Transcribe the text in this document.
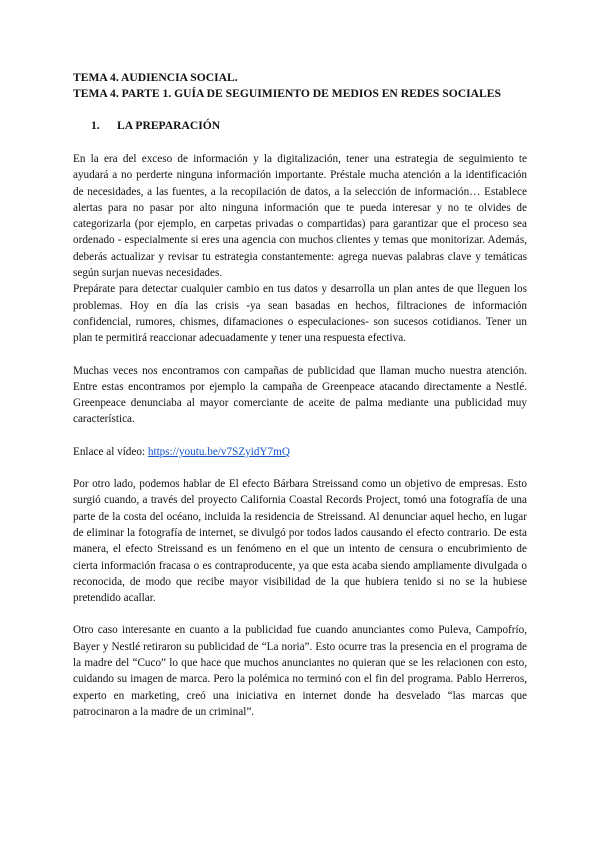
TEMA 4. AUDIENCIA SOCIAL.
TEMA 4. PARTE 1. GUÍA DE SEGUIMIENTO DE MEDIOS EN REDES SOCIALES
1.	LA PREPARACIÓN

En la era del exceso de información y la digitalización, tener una estrategia de seguimiento te ayudará a no perderte ninguna información importante. Préstale mucha atención a la identificación de necesidades, a las fuentes, a la recopilación de datos, a la selección de información… Establece alertas para no pasar por alto ninguna información que te pueda interesar y no te olvides de categorizarla (por ejemplo, en carpetas privadas o compartidas) para garantizar que el proceso sea ordenado - especialmente si eres una agencia con muchos clientes y temas que monitorizar. Además, deberás actualizar y revisar tu estrategia constantemente: agrega nuevas palabras clave y temáticas según surjan nuevas necesidades.

Prepárate para detectar cualquier cambio en tus datos y desarrolla un plan antes de que lleguen los problemas. Hoy en día las crisis -ya sean basadas en hechos, filtraciones de información confidencial, rumores, chismes, difamaciones o especulaciones- son sucesos cotidianos. Tener un plan te permitirá reaccionar adecuadamente y tener una respuesta efectiva.

Muchas veces nos encontramos con campañas de publicidad que llaman mucho nuestra atención. Entre estas encontramos por ejemplo la campaña de Greenpeace atacando directamente a Nestlé. Greenpeace denunciaba al mayor comerciante de aceite de palma mediante una publicidad muy característica.

Enlace al vídeo: https://youtu.be/v7SZyidY7mQ

Por otro lado, podemos hablar de El efecto Bárbara Streissand como un objetivo de empresas. Esto surgió cuando, a través del proyecto California Coastal Records Project, tomó una fotografía de una parte de la costa del océano, incluida la residencia de Streissand. Al denunciar aquel hecho, en lugar de eliminar la fotografía de internet, se divulgó por todos lados causando el efecto contrario. De esta manera, el efecto Streissand es un fenómeno en el que un intento de censura o encubrimiento de cierta información fracasa o es contraproducente, ya que esta acaba siendo ampliamente divulgada o reconocida, de modo que recibe mayor visibilidad de la que hubiera tenido si no se la hubiese pretendido acallar.

Otro caso interesante en cuanto a la publicidad fue cuando anunciantes como Puleva, Campofrío, Bayer y Nestlé retiraron su publicidad de “La noria”. Esto ocurre tras la presencia en el programa de la madre del “Cuco” lo que hace que muchos anunciantes no quieran que se les relacionen con esto, cuidando su imagen de marca. Pero la polémica no terminó con el fin del programa. Pablo Herreros, experto en marketing, creó una iniciativa en internet donde ha desvelado “las marcas que patrocinaron a la madre de un criminal”.
